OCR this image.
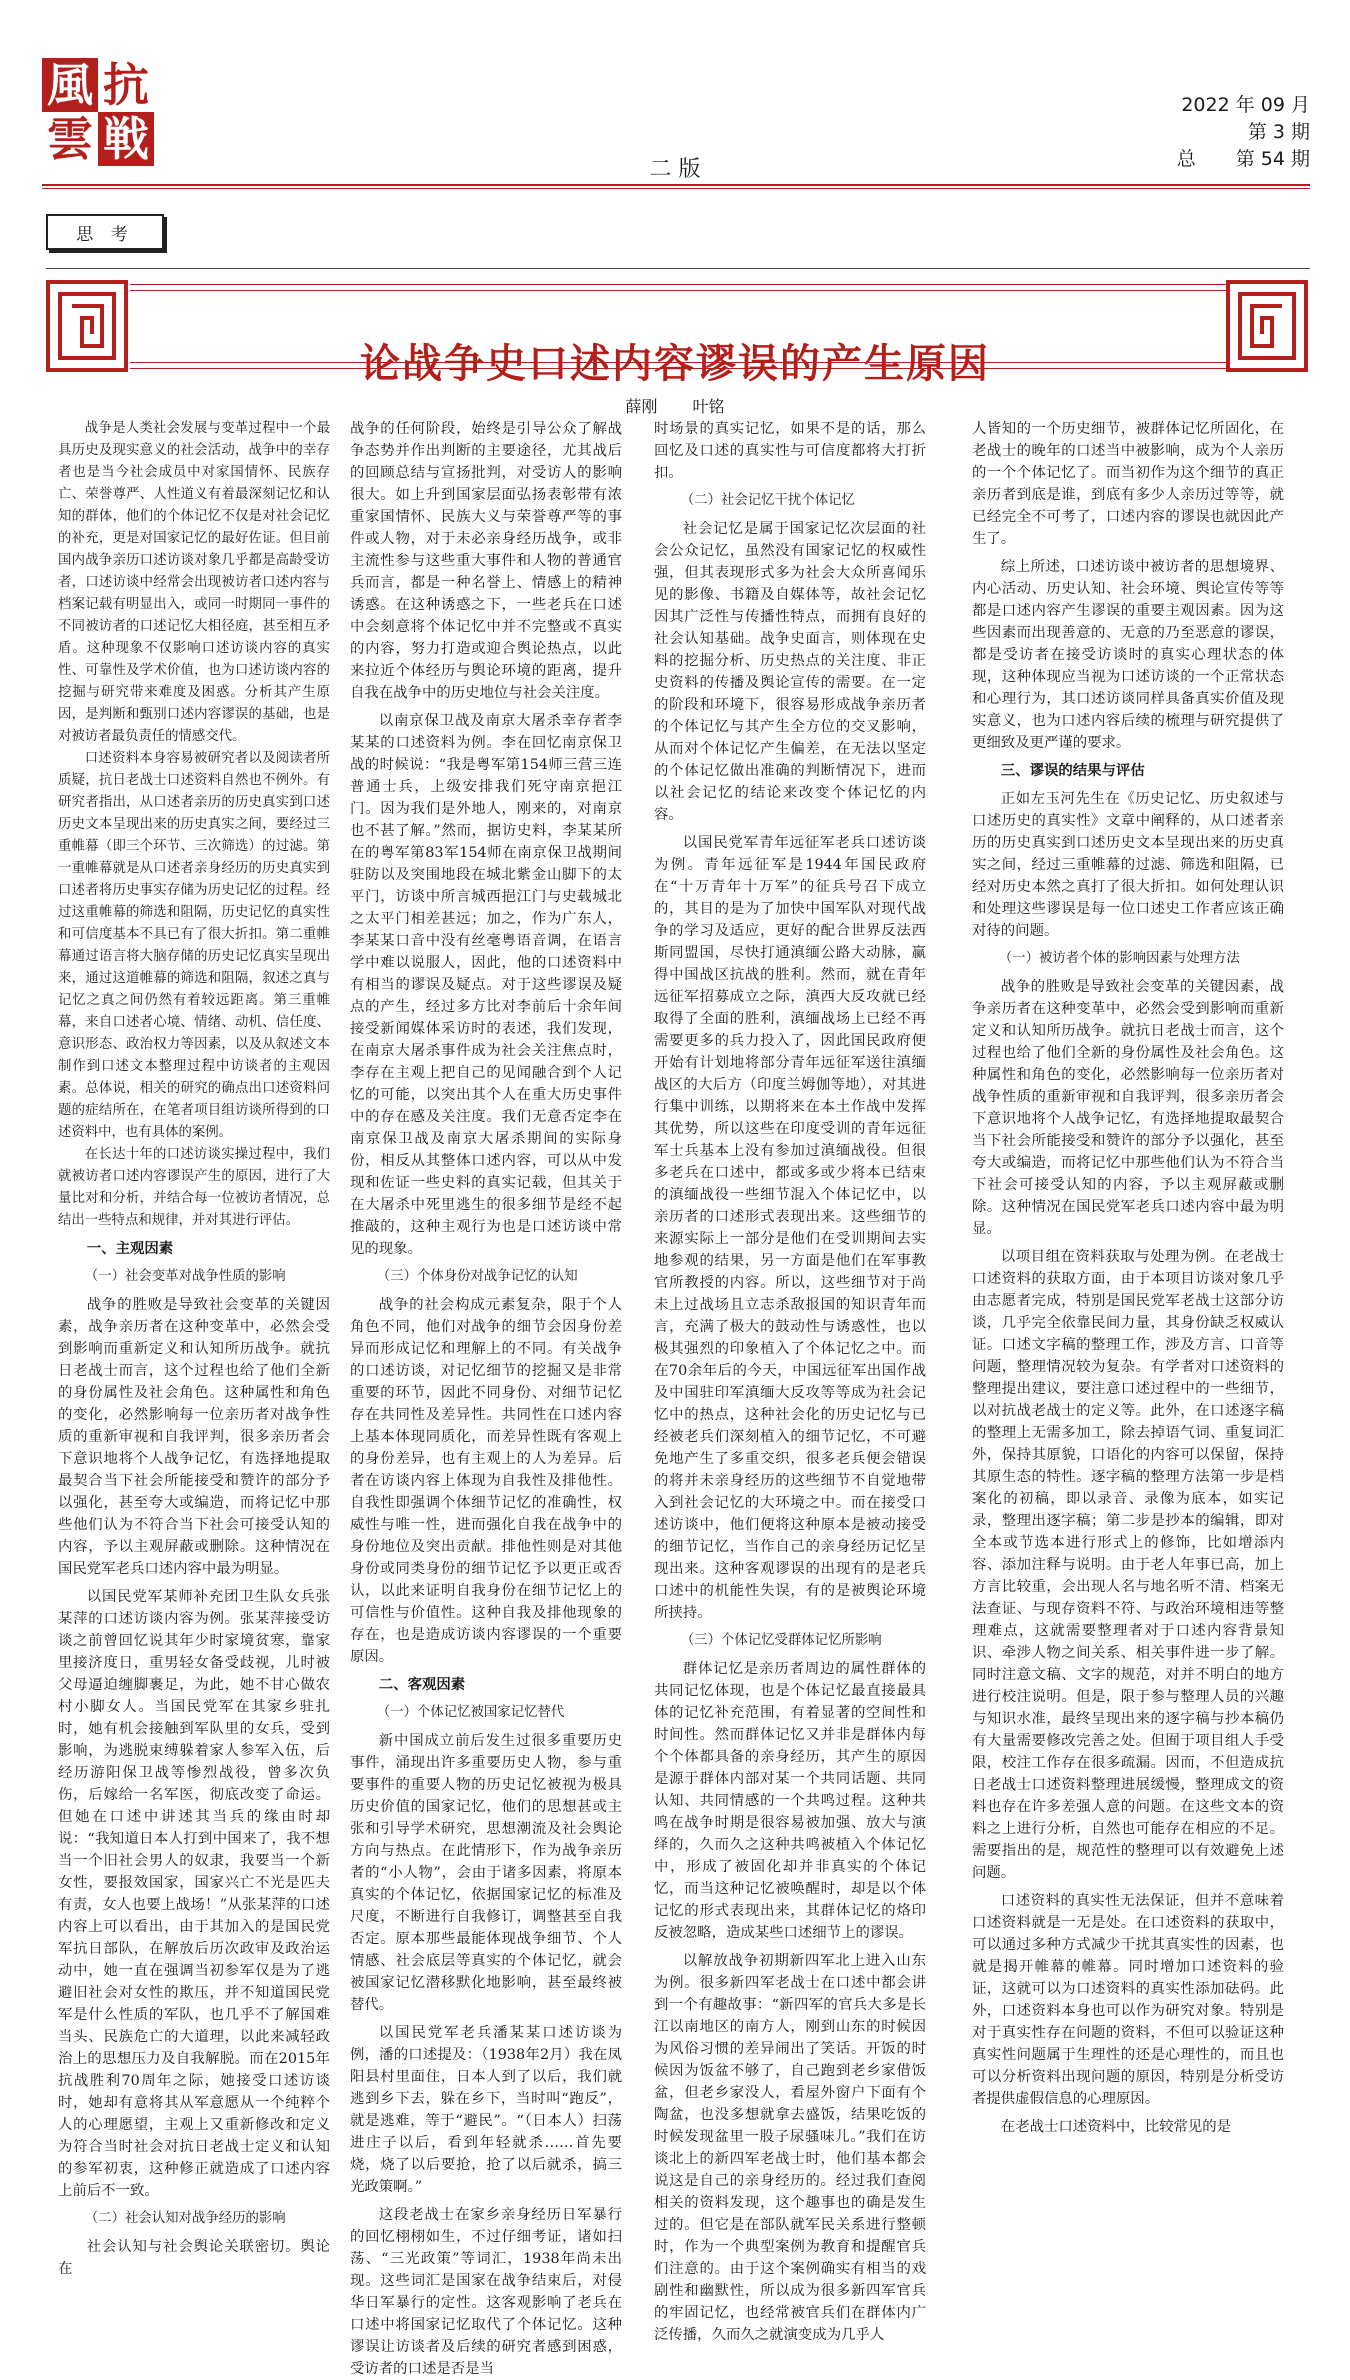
風 抗
雲 戦
2022 年 09 月
第 3 期
总 第 54 期
二 版
思 考
论战争史口述内容谬误的产生原因
薛刚 叶铭

战争是人类社会发展与变革过程中一个最具历史及现实意义的社会活动，战争中的幸存者也是当今社会成员中对家国情怀、民族存亡、荣誉尊严、人性道义有着最深刻记忆和认知的群体，他们的个体记忆不仅是对社会记忆的补充，更是对国家记忆的最好佐证。但目前国内战争亲历口述访谈对象几乎都是高龄受访者，口述访谈中经常会出现被访者口述内容与档案记载有明显出入，或同一时期同一事件的不同被访者的口述记忆大相径庭，甚至相互矛盾。这种现象不仅影响口述访谈内容的真实性、可靠性及学术价值，也为口述访谈内容的挖掘与研究带来难度及困惑。分析其产生原因，是判断和甄别口述内容谬误的基础，也是对被访者最负责任的情感交代。

口述资料本身容易被研究者以及阅读者所质疑，抗日老战士口述资料自然也不例外。有研究者指出，从口述者亲历的历史真实到口述历史文本呈现出来的历史真实之间，要经过三重帷幕（即三个环节、三次筛选）的过滤。第一重帷幕就是从口述者亲身经历的历史真实到口述者将历史事实存储为历史记忆的过程。经过这重帷幕的筛选和阻隔，历史记忆的真实性和可信度基本不具已有了很大折扣。第二重帷幕通过语言将大脑存储的历史记忆真实呈现出来，通过这道帷幕的筛选和阻隔，叙述之真与记忆之真之间仍然有着较远距离。第三重帷幕，来自口述者心境、情绪、动机、信任度、意识形态、政治权力等因素，以及从叙述文本制作到口述文本整理过程中访谈者的主观因素。总体说，相关的研究的确点出口述资料问题的症结所在，在笔者项目组访谈所得到的口述资料中，也有具体的案例。

在长达十年的口述访谈实操过程中，我们就被访者口述内容谬误产生的原因，进行了大量比对和分析，并结合每一位被访者情况，总结出一些特点和规律，并对其进行评估。

一、主观因素
（一）社会变革对战争性质的影响

战争的胜败是导致社会变革的关键因素，战争亲历者在这种变革中，必然会受到影响而重新定义和认知所历战争。就抗日老战士而言，这个过程也给了他们全新的身份属性及社会角色。这种属性和角色的变化，必然影响每一位亲历者对战争性质的重新审视和自我评判，很多亲历者会下意识地将个人战争记忆，有选择地提取最契合当下社会所能接受和赞许的部分予以强化，甚至夸大或编造，而将记忆中那些他们认为不符合当下社会可接受认知的内容，予以主观屏蔽或删除。这种情况在国民党军老兵口述内容中最为明显。

以国民党军某师补充团卫生队女兵张某萍的口述访谈内容为例。张某萍接受访谈之前曾回忆说其年少时家境贫寒，靠家里接济度日，重男轻女备受歧视，儿时被父母逼迫缠脚裹足，为此，她不甘心做农村小脚女人。当国民党军在其家乡驻扎时，她有机会接触到军队里的女兵，受到影响，为逃脱束缚躲着家人参军入伍，后经历游阳保卫战等惨烈战役，曾多次负伤，后嫁给一名军医，彻底改变了命运。但她在口述中讲述其当兵的缘由时却说：“我知道日本人打到中国来了，我不想当一个旧社会男人的奴隶，我要当一个新女性，要报效国家，国家兴亡不光是匹夫有责，女人也要上战场！”从张某萍的口述内容上可以看出，由于其加入的是国民党军抗日部队，在解放后历次政审及政治运动中，她一直在强调当初参军仅是为了逃避旧社会对女性的欺压，并不知道国民党军是什么性质的军队，也几乎不了解国难当头、民族危亡的大道理，以此来减轻政治上的思想压力及自我解脱。而在2015年抗战胜利70周年之际，她接受口述访谈时，她却有意将其从军意愿从一个纯粹个人的心理愿望，主观上又重新修改和定义为符合当时社会对抗日老战士定义和认知的参军初衷，这种修正就造成了口述内容上前后不一致。

（二）社会认知对战争经历的影响

社会认知与社会舆论关联密切。舆论在

战争的任何阶段，始终是引导公众了解战争态势并作出判断的主要途径，尤其战后的回顾总结与宣扬批判，对受访人的影响很大。如上升到国家层面弘扬表彰带有浓重家国情怀、民族大义与荣誉尊严等的事件或人物，对于未必亲身经历战争，或非主流性参与这些重大事件和人物的普通官兵而言，都是一种名誉上、情感上的精神诱惑。在这种诱惑之下，一些老兵在口述中会刻意将个体记忆中并不完整或不真实的内容，努力打造或迎合舆论热点，以此来拉近个体经历与舆论环境的距离，提升自我在战争中的历史地位与社会关注度。

以南京保卫战及南京大屠杀幸存者李某某的口述资料为例。李在回忆南京保卫战的时候说：“我是粤军第154师三营三连普通士兵，上级安排我们死守南京挹江门。因为我们是外地人，刚来的，对南京也不甚了解。”然而，据访史料，李某某所在的粤军第83军154师在南京保卫战期间驻防以及突围地段在城北紫金山脚下的太平门，访谈中所言城西挹江门与史载城北之太平门相差甚远；加之，作为广东人，李某某口音中没有丝毫粤语音调，在语言学中难以说服人，因此，他的口述资料中有相当的谬误及疑点。对于这些谬误及疑点的产生，经过多方比对李前后十余年间接受新闻媒体采访时的表述，我们发现，在南京大屠杀事件成为社会关注焦点时，李存在主观上把自己的见闻融合到个人记忆的可能，以突出其个人在重大历史事件中的存在感及关注度。我们无意否定李在南京保卫战及南京大屠杀期间的实际身份，相反从其整体口述内容，可以从中发现和佐证一些史料的真实记载，但其关于在大屠杀中死里逃生的很多细节是经不起推敲的，这种主观行为也是口述访谈中常见的现象。

（三）个体身份对战争记忆的认知

战争的社会构成元素复杂，限于个人角色不同，他们对战争的细节会因身份差异而形成记忆和理解上的不同。有关战争的口述访谈，对记忆细节的挖掘又是非常重要的环节，因此不同身份、对细节记忆存在共同性及差异性。共同性在口述内容上基本体现同质化，而差异性既有客观上的身份差异，也有主观上的人为差异。后者在访谈内容上体现为自我性及排他性。自我性即强调个体细节记忆的准确性，权威性与唯一性，进而强化自我在战争中的身份地位及突出贡献。排他性则是对其他身份或同类身份的细节记忆予以更正或否认，以此来证明自我身份在细节记忆上的可信性与价值性。这种自我及排他现象的存在，也是造成访谈内容谬误的一个重要原因。

二、客观因素
（一）个体记忆被国家记忆替代

新中国成立前后发生过很多重要历史事件，涌现出许多重要历史人物，参与重要事件的重要人物的历史记忆被视为极具历史价值的国家记忆，他们的思想甚或主张和引导学术研究，思想潮流及社会舆论方向与热点。在此情形下，作为战争亲历者的“小人物”，会由于诸多因素，将原本真实的个体记忆，依据国家记忆的标准及尺度，不断进行自我修订，调整甚至自我否定。原本那些最能体现战争细节、个人情感、社会底层等真实的个体记忆，就会被国家记忆潜移默化地影响，甚至最终被替代。

以国民党军老兵潘某某口述访谈为例，潘的口述提及：（1938年2月）我在凤阳县村里面住，日本人到了以后，我们就逃到乡下去，躲在乡下，当时叫“跑反”，就是逃难，等于“避民”。“（日本人）扫荡进庄子以后，看到年轻就杀……首先要烧，烧了以后要抢，抢了以后就杀，搞三光政策啊。”

这段老战士在家乡亲身经历日军暴行的回忆栩栩如生，不过仔细考证，诸如扫荡、“三光政策”等词汇，1938年尚未出现。这些词汇是国家在战争结束后，对侵华日军暴行的定性。这客观影响了老兵在口述中将国家记忆取代了个体记忆。这种谬误让访谈者及后续的研究者感到困惑，受访者的口述是否是当

时场景的真实记忆，如果不是的话，那么回忆及口述的真实性与可信度都将大打折扣。

（二）社会记忆干扰个体记忆

社会记忆是属于国家记忆次层面的社会公众记忆，虽然没有国家记忆的权威性强，但其表现形式多为社会大众所喜闻乐见的影像、书籍及自媒体等，故社会记忆因其广泛性与传播性特点，而拥有良好的社会认知基础。战争史面言，则体现在史料的挖掘分析、历史热点的关注度、非正史资料的传播及舆论宣传的需要。在一定的阶段和环境下，很容易形成战争亲历者的个体记忆与其产生全方位的交叉影响，从而对个体记忆产生偏差，在无法以坚定的个体记忆做出准确的判断情况下，进而以社会记忆的结论来改变个体记忆的内容。

以国民党军青年远征军老兵口述访谈为例。青年远征军是1944年国民政府在“十万青年十万军”的征兵号召下成立的，其目的是为了加快中国军队对现代战争的学习及适应，更好的配合世界反法西斯同盟国，尽快打通滇缅公路大动脉，赢得中国战区抗战的胜利。然而，就在青年远征军招募成立之际，滇西大反攻就已经取得了全面的胜利，滇缅战场上已经不再需要更多的兵力投入了，因此国民政府便开始有计划地将部分青年远征军送往滇缅战区的大后方（印度兰姆伽等地），对其进行集中训练，以期将来在本土作战中发挥其优势，所以这些在印度受训的青年远征军士兵基本上没有参加过滇缅战役。但很多老兵在口述中，都或多或少将本已结束的滇缅战役一些细节混入个体记忆中，以亲历者的口述形式表现出来。这些细节的来源实际上一部分是他们在受训期间去实地参观的结果，另一方面是他们在军事教官所教授的内容。所以，这些细节对于尚未上过战场且立志杀敌报国的知识青年而言，充满了极大的鼓动性与诱惑性，也以极其强烈的印象植入了个体记忆之中。而在70余年后的今天，中国远征军出国作战及中国驻印军滇缅大反攻等等成为社会记忆中的热点，这种社会化的历史记忆与已经被老兵们深刻植入的细节记忆，不可避免地产生了多重交织，很多老兵便会错误的将并未亲身经历的这些细节不自觉地带入到社会记忆的大环境之中。而在接受口述访谈中，他们便将这种原本是被动接受的细节记忆，当作自己的亲身经历记忆呈现出来。这种客观谬误的出现有的是老兵口述中的机能性失误，有的是被舆论环境所挟持。

（三）个体记忆受群体记忆所影响

群体记忆是亲历者周边的属性群体的共同记忆体现，也是个体记忆最直接最具体的记忆补充范围，有着显著的空间性和时间性。然而群体记忆又并非是群体内每个个体都具备的亲身经历，其产生的原因是源于群体内部对某一个共同话题、共同认知、共同情感的一个共鸣过程。这种共鸣在战争时期是很容易被加强、放大与演绎的，久而久之这种共鸣被植入个体记忆中，形成了被固化却并非真实的个体记忆，而当这种记忆被唤醒时，却是以个体记忆的形式表现出来，其群体记忆的烙印反被忽略，造成某些口述细节上的谬误。

以解放战争初期新四军北上进入山东为例。很多新四军老战士在口述中都会讲到一个有趣故事：“新四军的官兵大多是长江以南地区的南方人，刚到山东的时候因为风俗习惯的差异闹出了笑话。开饭的时候因为饭盆不够了，自己跑到老乡家借饭盆，但老乡家没人，看屋外窗户下面有个陶盆，也没多想就拿去盛饭，结果吃饭的时候发现盆里一股子尿骚味儿。”我们在访谈北上的新四军老战士时，他们基本都会说这是自己的亲身经历的。经过我们查阅相关的资料发现，这个趣事也的确是发生过的。但它是在部队就军民关系进行整顿时，作为一个典型案例为教育和提醒官兵们注意的。由于这个案例确实有相当的戏剧性和幽默性，所以成为很多新四军官兵的牢固记忆，也经常被官兵们在群体内广泛传播，久而久之就演变成为几乎人

人皆知的一个历史细节，被群体记忆所固化，在老战士的晚年的口述当中被影响，成为个人亲历的一个个体记忆了。而当初作为这个细节的真正亲历者到底是谁，到底有多少人亲历过等等，就已经完全不可考了，口述内容的谬误也就因此产生了。

综上所述，口述访谈中被访者的思想境界、内心活动、历史认知、社会环境、舆论宣传等等都是口述内容产生谬误的重要主观因素。因为这些因素而出现善意的、无意的乃至恶意的谬误，都是受访者在接受访谈时的真实心理状态的体现，这种体现应当视为口述访谈的一个正常状态和心理行为，其口述访谈同样具备真实价值及现实意义，也为口述内容后续的梳理与研究提供了更细致及更严谨的要求。

三、谬误的结果与评估

正如左玉河先生在《历史记忆、历史叙述与口述历史的真实性》文章中阐释的，从口述者亲历的历史真实到口述历史文本呈现出来的历史真实之间，经过三重帷幕的过滤、筛选和阻隔，已经对历史本然之真打了很大折扣。如何处理认识和处理这些谬误是每一位口述史工作者应该正确对待的问题。

（一）被访者个体的影响因素与处理方法

战争的胜败是导致社会变革的关键因素，战争亲历者在这种变革中，必然会受到影响而重新定义和认知所历战争。就抗日老战士而言，这个过程也给了他们全新的身份属性及社会角色。这种属性和角色的变化，必然影响每一位亲历者对战争性质的重新审视和自我评判，很多亲历者会下意识地将个人战争记忆，有选择地提取最契合当下社会所能接受和赞许的部分予以强化，甚至夸大或编造，而将记忆中那些他们认为不符合当下社会可接受认知的内容，予以主观屏蔽或删除。这种情况在国民党军老兵口述内容中最为明显。

以项目组在资料获取与处理为例。在老战士口述资料的获取方面，由于本项目访谈对象几乎由志愿者完成，特别是国民党军老战士这部分访谈，几乎完全依靠民间力量，其身份缺乏权威认证。口述文字稿的整理工作，涉及方言、口音等问题，整理情况较为复杂。有学者对口述资料的整理提出建议，要注意口述过程中的一些细节，以对抗战老战士的定义等。此外，在口述逐字稿的整理上无需多加工，除去掉语气词、重复词汇外，保持其原貌，口语化的内容可以保留，保持其原生态的特性。逐字稿的整理方法第一步是档案化的初稿，即以录音、录像为底本，如实记录，整理出逐字稿；第二步是抄本的编辑，即对全本或节选本进行形式上的修饰，比如增添内容、添加注释与说明。由于老人年事已高，加上方言比较重，会出现人名与地名听不清、档案无法查证、与现存资料不符、与政治环境相违等整理难点，这就需要整理者对于口述内容背景知识、牵涉人物之间关系、相关事件进一步了解。同时注意文稿、文字的规范，对并不明白的地方进行校注说明。但是，限于参与整理人员的兴趣与知识水准，最终呈现出来的逐字稿与抄本稿仍有大量需要修改完善之处。但囿于项目组人手受限，校注工作存在很多疏漏。因而，不但造成抗日老战士口述资料整理进展缓慢，整理成文的资料也存在许多差强人意的问题。在这些文本的资料之上进行分析，自然也可能存在相应的不足。需要指出的是，规范性的整理可以有效避免上述问题。

口述资料的真实性无法保证，但并不意味着口述资料就是一无是处。在口述资料的获取中，可以通过多种方式减少干扰其真实性的因素，也就是揭开帷幕的帷幕。同时增加口述资料的验证，这就可以为口述资料的真实性添加砝码。此外，口述资料本身也可以作为研究对象。特别是对于真实性存在问题的资料，不但可以验证这种真实性问题属于生理性的还是心理性的，而且也可以分析资料出现问题的原因，特别是分析受访者提供虚假信息的心理原因。

在老战士口述资料中，比较常见的是
